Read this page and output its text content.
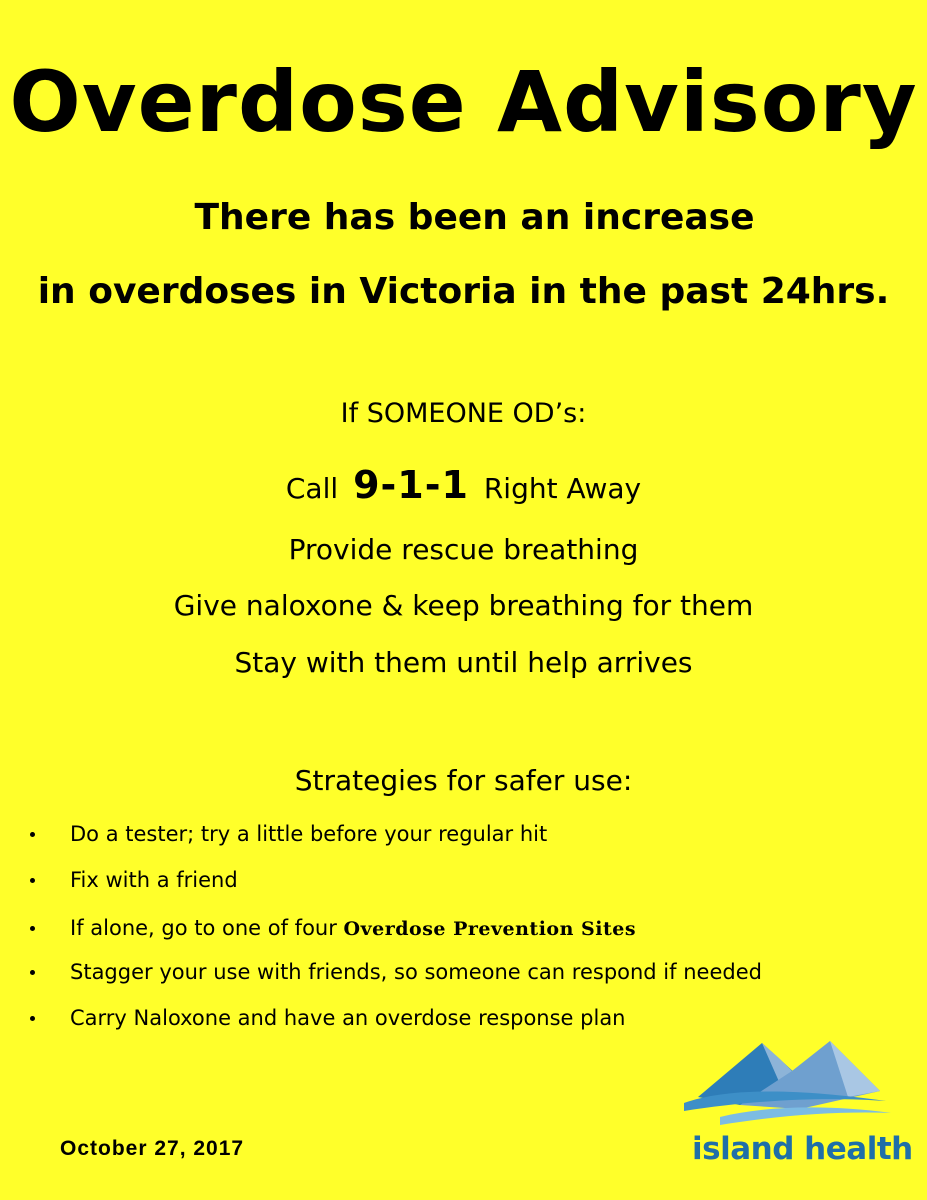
Overdose Advisory
There has been an increase
in overdoses in Victoria in the past 24hrs.
If SOMEONE OD’s:
Call 9-1-1 Right Away
Provide rescue breathing
Give naloxone & keep breathing for them
Stay with them until help arrives
Strategies for safer use:
Do a tester; try a little before your regular hit
Fix with a friend
If alone, go to one of four Overdose Prevention Sites
Stagger your use with friends, so someone can respond if needed
Carry Naloxone and have an overdose response plan
October 27, 2017	island health
